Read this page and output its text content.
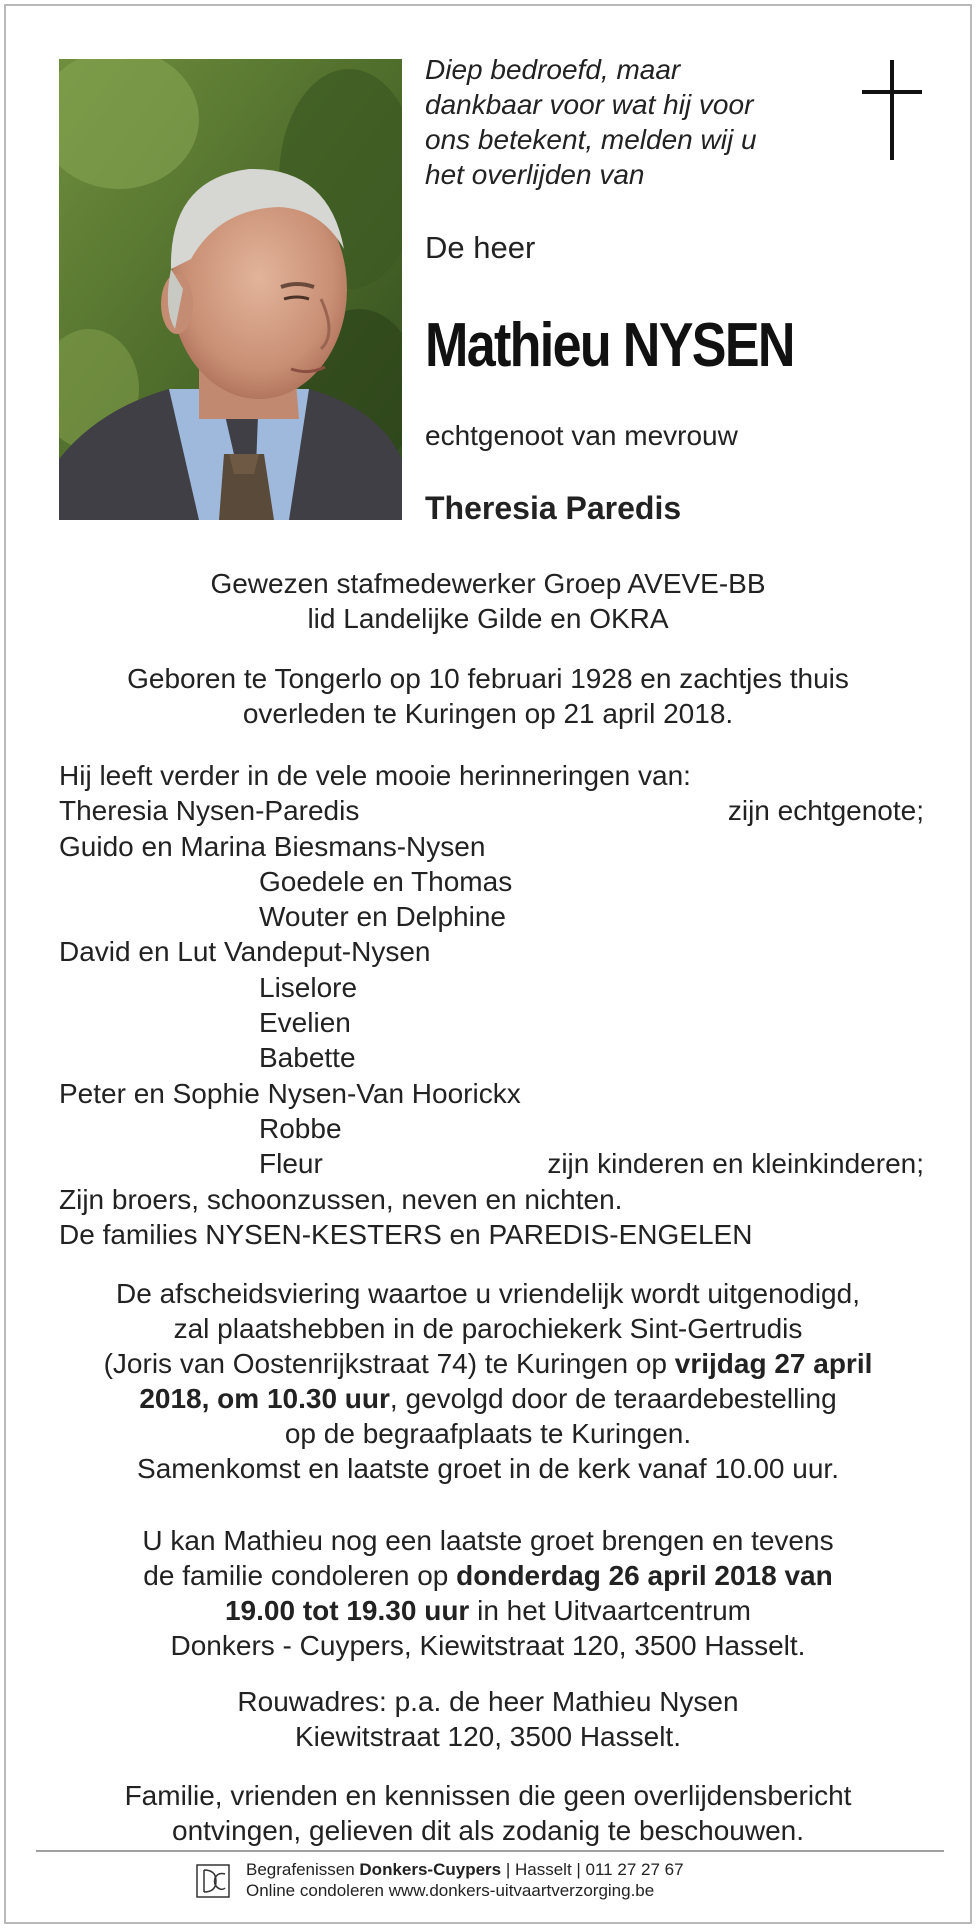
Diep bedroefd, maar
dankbaar voor wat hij voor
ons betekent, melden wij u
het overlijden van
De heer
Mathieu NYSEN
echtgenoot van mevrouw
Theresia Paredis
Gewezen stafmedewerker Groep AVEVE-BB
lid Landelijke Gilde en OKRA
Geboren te Tongerlo op 10 februari 1928 en zachtjes thuis
overleden te Kuringen op 21 april 2018.
Hij leeft verder in de vele mooie herinneringen van:
Theresia Nysen-Paredis	zijn echtgenote;
Guido en Marina Biesmans-Nysen
Goedele en Thomas
Wouter en Delphine
David en Lut Vandeput-Nysen
Liselore
Evelien
Babette
Peter en Sophie Nysen-Van Hoorickx
Robbe
Fleur	zijn kinderen en kleinkinderen;
Zijn broers, schoonzussen, neven en nichten.
De families NYSEN-KESTERS en PAREDIS-ENGELEN
De afscheidsviering waartoe u vriendelijk wordt uitgenodigd,
zal plaatshebben in de parochiekerk Sint-Gertrudis
(Joris van Oostenrijkstraat 74) te Kuringen op vrijdag 27 april
2018, om 10.30 uur, gevolgd door de teraardebestelling
op de begraafplaats te Kuringen.
Samenkomst en laatste groet in de kerk vanaf 10.00 uur.
U kan Mathieu nog een laatste groet brengen en tevens
de familie condoleren op donderdag 26 april 2018 van
19.00 tot 19.30 uur in het Uitvaartcentrum
Donkers - Cuypers, Kiewitstraat 120, 3500 Hasselt.
Rouwadres: p.a. de heer Mathieu Nysen
Kiewitstraat 120, 3500 Hasselt.
Familie, vrienden en kennissen die geen overlijdensbericht
ontvingen, gelieven dit als zodanig te beschouwen.
Begrafenissen Donkers-Cuypers | Hasselt | 011 27 27 67
Online condoleren www.donkers-uitvaartverzorging.be
